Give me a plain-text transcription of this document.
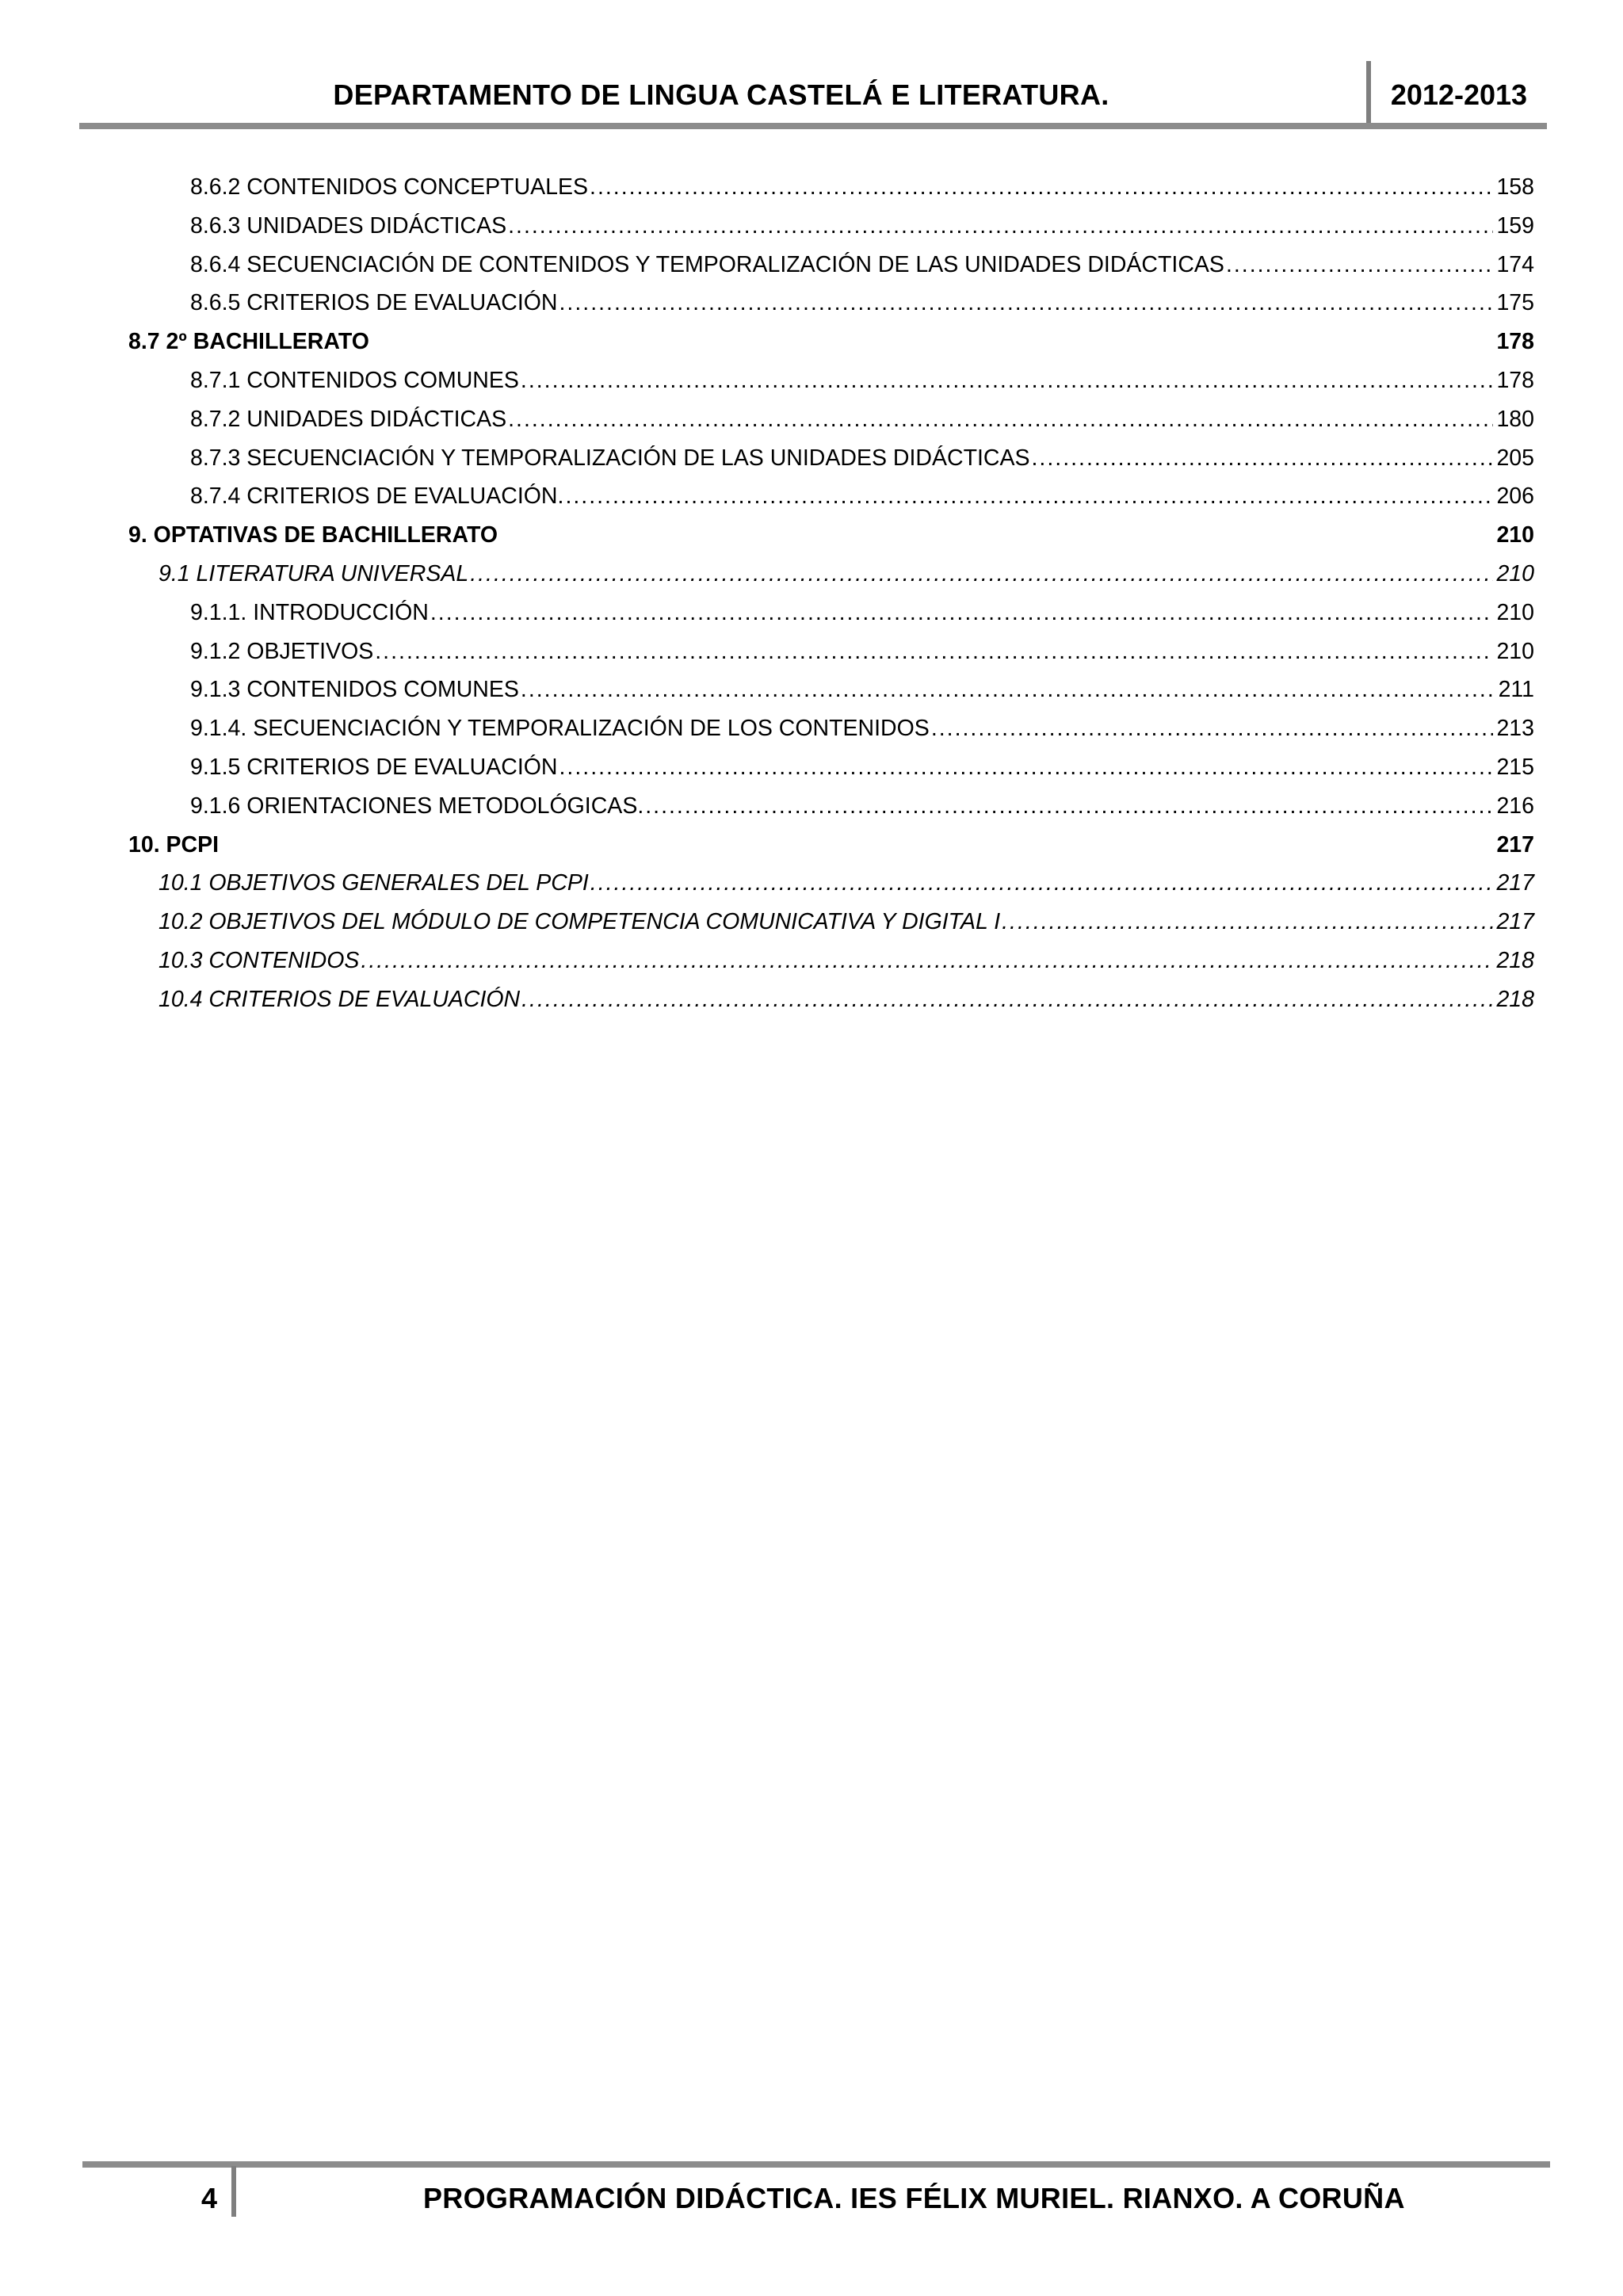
DEPARTAMENTO DE LINGUA CASTELÁ E LITERATURA.	2012-2013
8.6.2 CONTENIDOS CONCEPTUALES .....	158
8.6.3 UNIDADES DIDÁCTICAS .....	159
8.6.4 SECUENCIACIÓN DE CONTENIDOS Y TEMPORALIZACIÓN DE LAS UNIDADES DIDÁCTICAS .....	174
8.6.5 CRITERIOS DE EVALUACIÓN .....	175
8.7 2º BACHILLERATO	178
8.7.1 CONTENIDOS COMUNES .....	178
8.7.2 UNIDADES DIDÁCTICAS .....	180
8.7.3 SECUENCIACIÓN Y TEMPORALIZACIÓN DE LAS UNIDADES DIDÁCTICAS .....	205
8.7.4 CRITERIOS DE EVALUACIÓN. .....	206
9. OPTATIVAS DE BACHILLERATO	210
9.1 LITERATURA UNIVERSAL .....	210
9.1.1. INTRODUCCIÓN .....	210
9.1.2 OBJETIVOS .....	210
9.1.3 CONTENIDOS COMUNES .....	211
9.1.4. SECUENCIACIÓN Y TEMPORALIZACIÓN DE LOS CONTENIDOS .....	213
9.1.5 CRITERIOS DE EVALUACIÓN .....	215
9.1.6 ORIENTACIONES METODOLÓGICAS. .....	216
10. PCPI	217
10.1 OBJETIVOS GENERALES DEL PCPI .....	217
10.2 OBJETIVOS DEL MÓDULO DE COMPETENCIA COMUNICATIVA Y DIGITAL I .....	217
10.3 CONTENIDOS .....	218
10.4 CRITERIOS DE EVALUACIÓN .....	218
4	PROGRAMACIÓN DIDÁCTICA. IES FÉLIX MURIEL. RIANXO. A CORUÑA
